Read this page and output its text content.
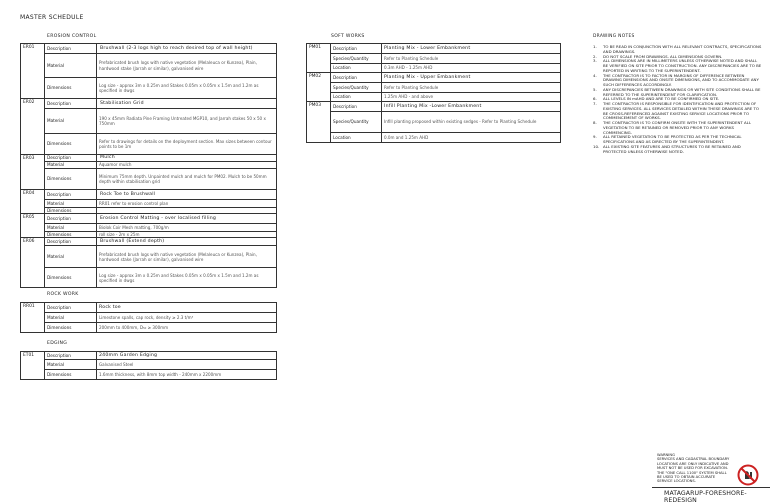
MASTER SCHEDULE
EROSION CONTROL
ER01	Description	Brushwall (2-3 logs high to reach desired top of wall height)
	Material	Prefabricated brush logs with native vegetation (Melaleuca or Kunzea), Plain, hardwood stake (Jarrah or similar), galvanised wire
	Dimensions	Log size - approx 3m x 0.25m and Stakes 0.05m x 0.05m x 1.5m and 1.2m as specified in dwgs
ER02	Description	Stabilisation Grid
	Material	190 x 45mm Radiata Pine Framing Untreated MGP10, and Jarrah stakes 50 x 50 x 750mm
	Dimensions	Refer to drawings for details on the deployment section. Max sizes between contour points to be 1m
ER03	Description	Mulch
	Material	Aquamor mulch
	Dimensions	Minimum 75mm depth. Unpainted mulch and mulch for PM02. Mulch to be 50mm depth within stabilisation grid
ER04	Description	Rock Toe to Brushwall
	Material	RR01 refer to erosion control plan
	Dimensions	
ER05	Description	Erosion Control Matting - over localised filling
	Material	Biolok Coir Mesh matting, 700g/m
	Dimensions	roll size - 2m x 25m
ER06	Description	Brushwall (Extend depth)
	Material	Prefabricated brush logs with native vegetation (Melaleuca or Kunzea), Plain, hardwood stake (Jarrah or similar), galvanised wire
	Dimensions	Log size - approx 3m x 0.25m and Stakes 0.05m x 0.05m x 1.5m and 1.2m as specified in dwgs
ROCK WORK
RR01	Description	Rock toe
	Material	Limestone spalls, cap rock, density ≥ 2.3 t/m³
	Dimensions	200mm to 400mm, D₅₀ ≥ 300mm
EDGING
ET01	Description	240mm Garden Edging
	Material	Galvanised Steel
	Dimensions	1.6mm thickness, with 8mm top width - 240mm x 2200mm
SOFT WORKS
PM01	Description	Planting Mix - Lower Embankment
	Species/Quantity	Refer to Planting Schedule
	Location	0.3m AHD - 1.25m AHD
PM02	Description	Planting Mix - Upper Embankment
	Species/Quantity	Refer to Planting Schedule
	Location	1.25m AHD - and above
PM03	Description	Infill Planting Mix -Lower Embankment
	Species/Quantity	Infill planting proposed within existing sedges - Refer to Planting Schedule
	Location	0.0m and 1.25m AHD
DRAWING NOTES
1.	TO BE READ IN CONJUNCTION WITH ALL RELEVANT CONTRACTS, SPECIFICATIONS AND DRAWINGS.
2.	DO NOT SCALE FROM DRAWINGS. ALL DIMENSIONS GOVERN.
3.	ALL DIMENSIONS ARE IN MILLIMETERS UNLESS OTHERWISE NOTED AND SHALL BE VERIFIED ON SITE PRIOR TO CONSTRUCTION. ANY DISCREPANCIES ARE TO BE REPORTED IN WRITING TO THE SUPERINTENDENT.
4.	THE CONTRACTOR IS TO FACTOR IN MARGINS OF DIFFERENCE BETWEEN DRAWING DIMENSIONS AND ONSITE DIMENSIONS, AND TO ACCOMMODATE ANY SUCH DIFFERENCES ACCORDINGLY.
5.	ANY DISCREPANCIES BETWEEN DRAWINGS OR WITH SITE CONDITIONS SHALL BE REFERRED TO THE SUPERINTENDENT FOR CLARIFICATION.
6.	ALL LEVELS IN mAHD AND ARE TO BE CONFIRMED ON SITE.
7.	THE CONTRACTOR IS RESPONSIBLE FOR IDENTIFICATION AND PROTECTION OF EXISTING SERVICES. ALL SERVICES DETAILED WITHIN THESE DRAWINGS ARE TO BE CROSS-REFERENCED AGAINST EXISTING SERVICE LOCATIONS PRIOR TO COMMENCEMENT OF WORKS.
8.	THE CONTRACTOR IS TO CONFIRM ONSITE WITH THE SUPERINTENDENT ALL VEGETATION TO BE RETAINED OR REMOVED PRIOR TO ANY WORKS COMMENCING.
9.	ALL RETAINED VEGETATION TO BE PROTECTED AS PER THE TECHNICAL SPECIFICATIONS AND AS DIRECTED BY THE SUPERINTENDENT.
10. ALL EXISTING SITE FEATURES AND STRUCTURES TO BE RETAINED AND PROTECTED UNLESS OTHERWISE NOTED.
WARNING
SERVICES AND CADASTRAL BOUNDARY
LOCATIONS ARE ONLY INDICATIVE AND
MUST NOT BE USED FOR EXCAVATION.
THE "ONE CALL 1100" SYSTEM SHALL
BE USED TO OBTAIN ACCURATE
SERVICE LOCATIONS.
MATAGARUP-FORESHORE-REDESIGN
